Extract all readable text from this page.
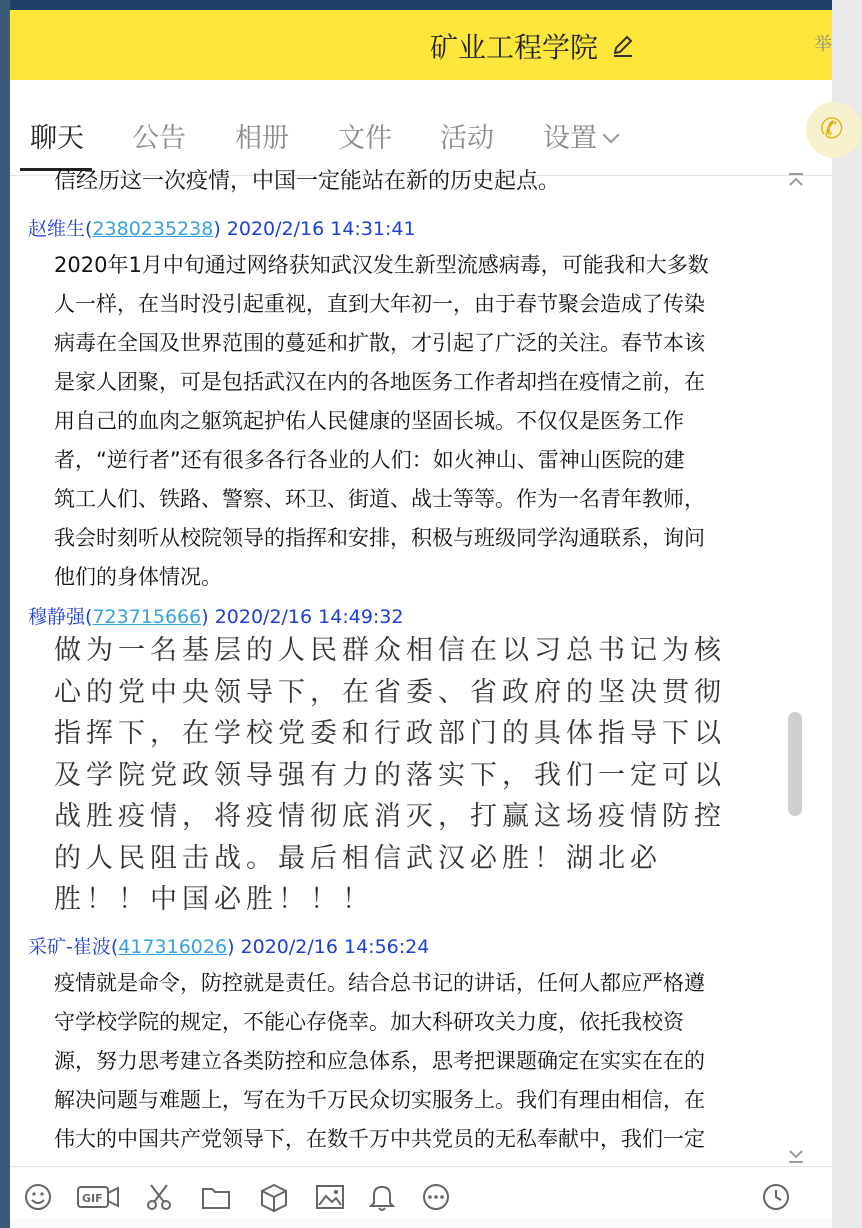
矿业工程学院	举
聊天 公告 相册 文件 活动 设置	✆
信经历这一次疫情，中国一定能站在新的历史起点。
赵维生(2380235238) 2020/2/16 14:31:41
2020年1月中旬通过网络获知武汉发生新型流感病毒，可能我和大多数
人一样，在当时没引起重视，直到大年初一，由于春节聚会造成了传染
病毒在全国及世界范围的蔓延和扩散，才引起了广泛的关注。春节本该
是家人团聚，可是包括武汉在内的各地医务工作者却挡在疫情之前，在
用自己的血肉之躯筑起护佑人民健康的坚固长城。不仅仅是医务工作
者，“逆行者”还有很多各行各业的人们：如火神山、雷神山医院的建
筑工人们、铁路、警察、环卫、街道、战士等等。作为一名青年教师，
我会时刻听从校院领导的指挥和安排，积极与班级同学沟通联系，询问
他们的身体情况。
穆静强(723715666) 2020/2/16 14:49:32
做为一名基层的人民群众相信在以习总书记为核
心的党中央领导下，在省委、省政府的坚决贯彻
指挥下，在学校党委和行政部门的具体指导下以
及学院党政领导强有力的落实下，我们一定可以
战胜疫情，将疫情彻底消灭，打赢这场疫情防控
的人民阻击战。最后相信武汉必胜！湖北必
胜！！中国必胜！！！
采矿-崔波(417316026) 2020/2/16 14:56:24
疫情就是命令，防控就是责任。结合总书记的讲话，任何人都应严格遵
守学校学院的规定，不能心存侥幸。加大科研攻关力度，依托我校资
源，努力思考建立各类防控和应急体系，思考把课题确定在实实在在的
解决问题与难题上，写在为千万民众切实服务上。我们有理由相信，在
伟大的中国共产党领导下，在数千万中共党员的无私奉献中，我们一定
GIF
